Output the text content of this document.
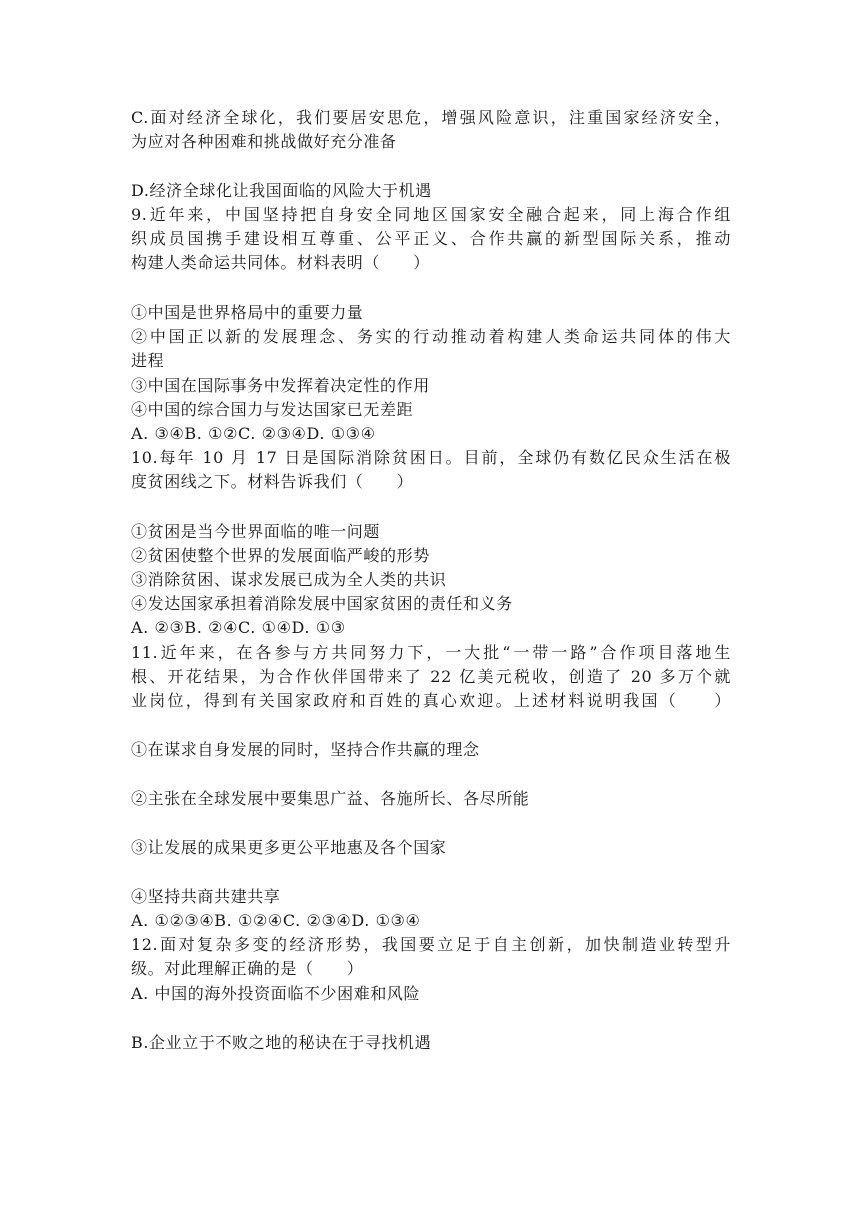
C.面对经济全球化，我们要居安思危，增强风险意识，注重国家经济安全，
为应对各种困难和挑战做好充分准备
D.经济全球化让我国面临的风险大于机遇
9.近年来，中国坚持把自身安全同地区国家安全融合起来，同上海合作组
织成员国携手建设相互尊重、公平正义、合作共赢的新型国际关系，推动
构建人类命运共同体。材料表明（　　）
①中国是世界格局中的重要力量
②中国正以新的发展理念、务实的行动推动着构建人类命运共同体的伟大
进程
③中国在国际事务中发挥着决定性的作用
④中国的综合国力与发达国家已无差距
A. ③④B. ①②C. ②③④D. ①③④
10.每年 10 月 17 日是国际消除贫困日。目前，全球仍有数亿民众生活在极
度贫困线之下。材料告诉我们（　　）
①贫困是当今世界面临的唯一问题
②贫困使整个世界的发展面临严峻的形势
③消除贫困、谋求发展已成为全人类的共识
④发达国家承担着消除发展中国家贫困的责任和义务
A. ②③B. ②④C. ①④D. ①③
11.近年来，在各参与方共同努力下，一大批“一带一路”合作项目落地生
根、开花结果，为合作伙伴国带来了 22 亿美元税收，创造了 20 多万个就
业岗位，得到有关国家政府和百姓的真心欢迎。上述材料说明我国（　　）
①在谋求自身发展的同时，坚持合作共赢的理念
②主张在全球发展中要集思广益、各施所长、各尽所能
③让发展的成果更多更公平地惠及各个国家
④坚持共商共建共享
A. ①②③④B. ①②④C. ②③④D. ①③④
12.面对复杂多变的经济形势，我国要立足于自主创新，加快制造业转型升
级。对此理解正确的是（　　）
A. 中国的海外投资面临不少困难和风险
B.企业立于不败之地的秘诀在于寻找机遇
